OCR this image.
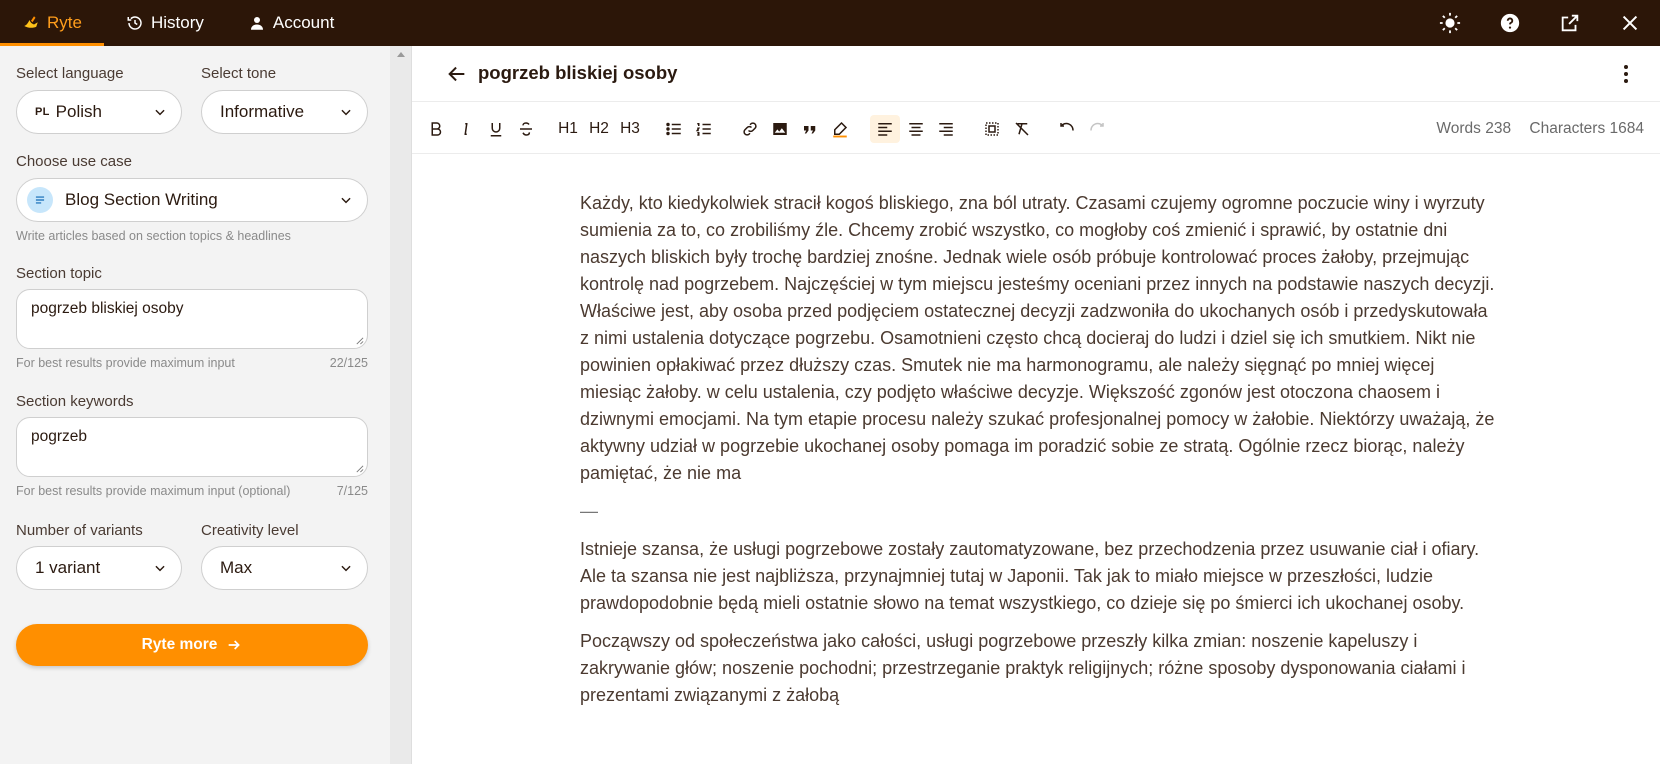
Ryte	History	Account
Select language	Select tone
PL Polish	Informative
Choose use case
Blog Section Writing
Write articles based on section topics & headlines
Section topic
pogrzeb bliskiej osoby
For best results provide maximum input	22/125
Section keywords
pogrzeb
For best results provide maximum input (optional)	7/125
Number of variants	Creativity level
1 variant	Max
Ryte more
pogrzeb bliskiej osoby
H1 H2 H3	Words 238 Characters 1684

Każdy, kto kiedykolwiek stracił kogoś bliskiego, zna ból utraty. Czasami czujemy ogromne poczucie winy i wyrzuty sumienia za to, co zrobiliśmy źle. Chcemy zrobić wszystko, co mogłoby coś zmienić i sprawić, by ostatnie dni naszych bliskich były trochę bardziej znośne. Jednak wiele osób próbuje kontrolować proces żałoby, przejmując kontrolę nad pogrzebem. Najczęściej w tym miejscu jesteśmy oceniani przez innych na podstawie naszych decyzji. Właściwe jest, aby osoba przed podjęciem ostatecznej decyzji zadzwoniła do ukochanych osób i przedyskutowała z nimi ustalenia dotyczące pogrzebu. Osamotnieni często chcą docieraj do ludzi i dziel się ich smutkiem. Nikt nie powinien opłakiwać przez dłuższy czas. Smutek nie ma harmonogramu, ale należy sięgnąć po mniej więcej miesiąc żałoby. w celu ustalenia, czy podjęto właściwe decyzje. Większość zgonów jest otoczona chaosem i dziwnymi emocjami. Na tym etapie procesu należy szukać profesjonalnej pomocy w żałobie. Niektórzy uważają, że aktywny udział w pogrzebie ukochanej osoby pomaga im poradzić sobie ze stratą. Ogólnie rzecz biorąc, należy pamiętać, że nie ma

—

Istnieje szansa, że usługi pogrzebowe zostały zautomatyzowane, bez przechodzenia przez usuwanie ciał i ofiary. Ale ta szansa nie jest najbliższa, przynajmniej tutaj w Japonii. Tak jak to miało miejsce w przeszłości, ludzie prawdopodobnie będą mieli ostatnie słowo na temat wszystkiego, co dzieje się po śmierci ich ukochanej osoby.

Począwszy od społeczeństwa jako całości, usługi pogrzebowe przeszły kilka zmian: noszenie kapeluszy i zakrywanie głów; noszenie pochodni; przestrzeganie praktyk religijnych; różne sposoby dysponowania ciałami i prezentami związanymi z żałobą
